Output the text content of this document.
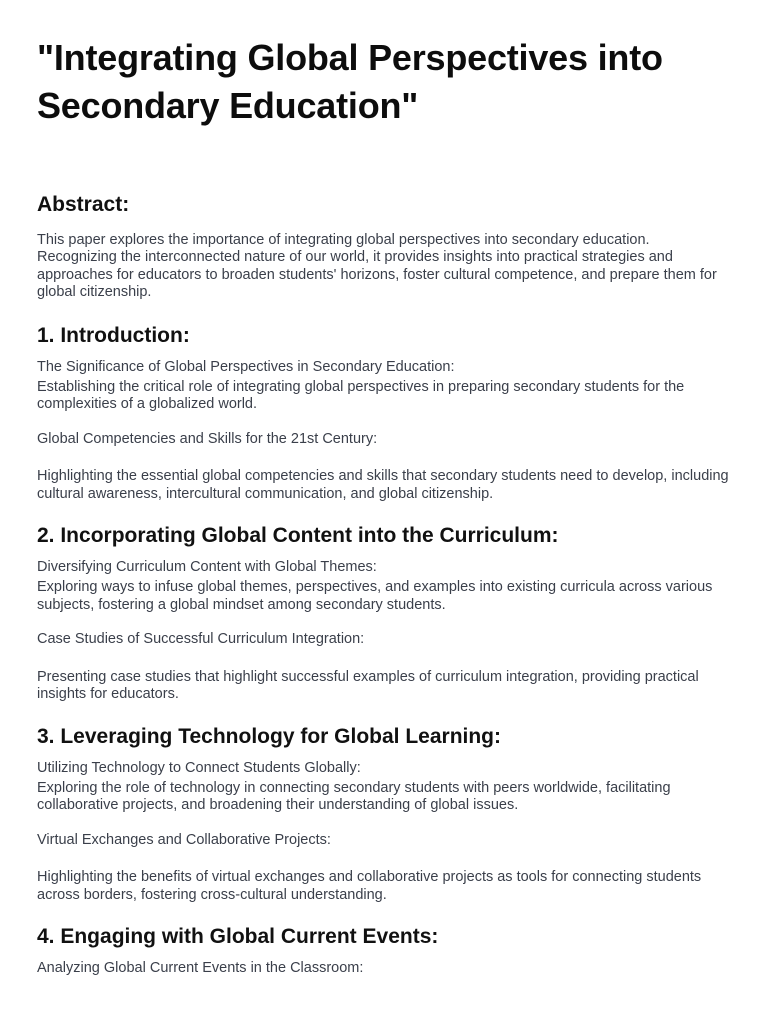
"Integrating Global Perspectives into Secondary Education"
Abstract:

This paper explores the importance of integrating global perspectives into secondary education. Recognizing the interconnected nature of our world, it provides insights into practical strategies and approaches for educators to broaden students' horizons, foster cultural competence, and prepare them for global citizenship.

1. Introduction:

The Significance of Global Perspectives in Secondary Education:

Establishing the critical role of integrating global perspectives in preparing secondary students for the complexities of a globalized world.

Global Competencies and Skills for the 21st Century:

Highlighting the essential global competencies and skills that secondary students need to develop, including cultural awareness, intercultural communication, and global citizenship.

2. Incorporating Global Content into the Curriculum:

Diversifying Curriculum Content with Global Themes:

Exploring ways to infuse global themes, perspectives, and examples into existing curricula across various subjects, fostering a global mindset among secondary students.

Case Studies of Successful Curriculum Integration:

Presenting case studies that highlight successful examples of curriculum integration, providing practical insights for educators.

3. Leveraging Technology for Global Learning:

Utilizing Technology to Connect Students Globally:

Exploring the role of technology in connecting secondary students with peers worldwide, facilitating collaborative projects, and broadening their understanding of global issues.

Virtual Exchanges and Collaborative Projects:

Highlighting the benefits of virtual exchanges and collaborative projects as tools for connecting students across borders, fostering cross-cultural understanding.

4. Engaging with Global Current Events:

Analyzing Global Current Events in the Classroom:
